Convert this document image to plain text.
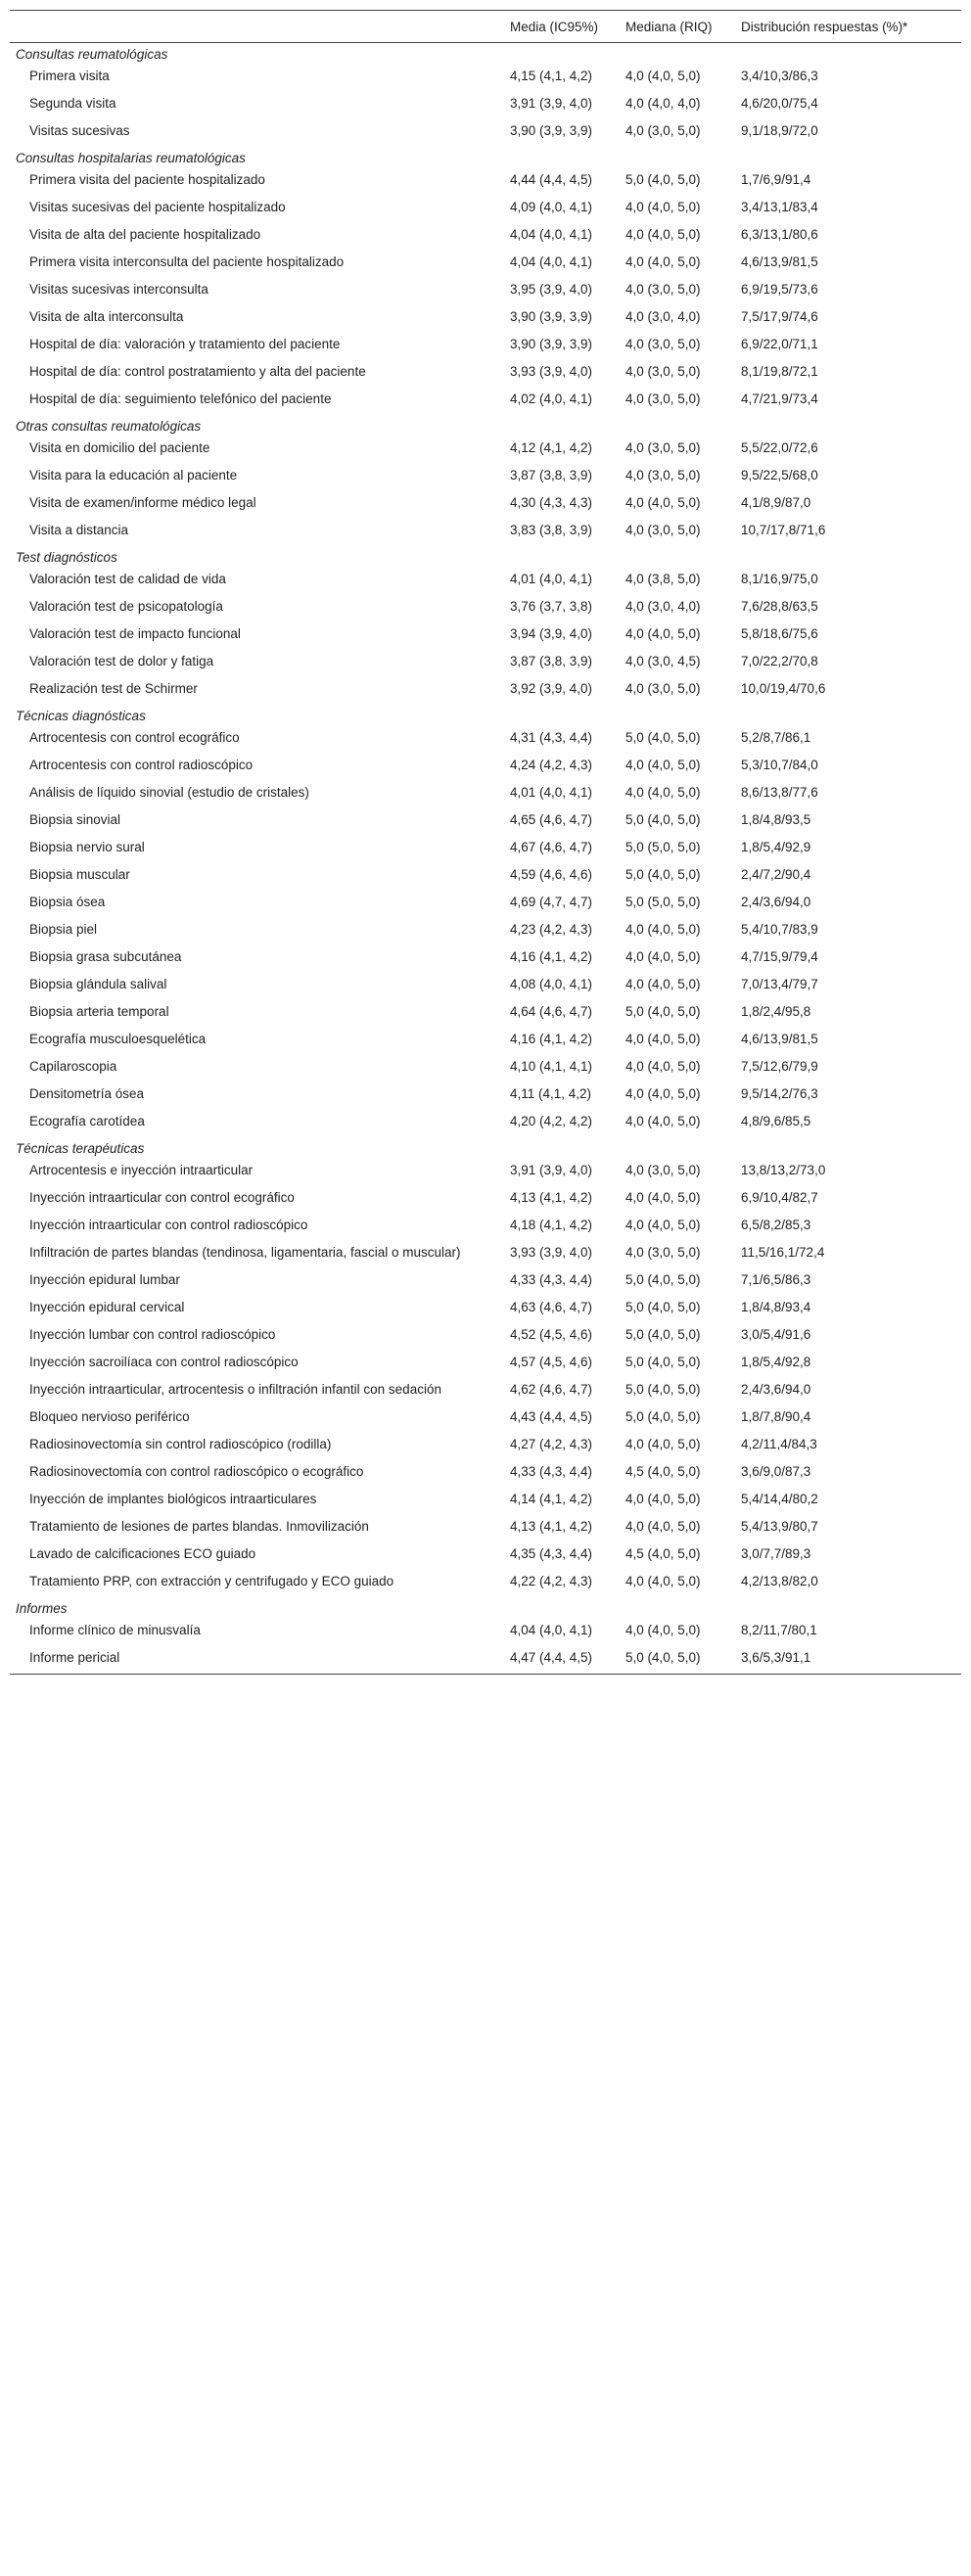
	Media (IC95%)	Mediana (RIQ)	Distribución respuestas (%)*
Consultas reumatológicas			
Primera visita	4,15 (4,1, 4,2)	4,0 (4,0, 5,0)	3,4/10,3/86,3
Segunda visita	3,91 (3,9, 4,0)	4,0 (4,0, 4,0)	4,6/20,0/75,4
Visitas sucesivas	3,90 (3,9, 3,9)	4,0 (3,0, 5,0)	9,1/18,9/72,0
Consultas hospitalarias reumatológicas			
Primera visita del paciente hospitalizado	4,44 (4,4, 4,5)	5,0 (4,0, 5,0)	1,7/6,9/91,4
Visitas sucesivas del paciente hospitalizado	4,09 (4,0, 4,1)	4,0 (4,0, 5,0)	3,4/13,1/83,4
Visita de alta del paciente hospitalizado	4,04 (4,0, 4,1)	4,0 (4,0, 5,0)	6,3/13,1/80,6
Primera visita interconsulta del paciente hospitalizado	4,04 (4,0, 4,1)	4,0 (4,0, 5,0)	4,6/13,9/81,5
Visitas sucesivas interconsulta	3,95 (3,9, 4,0)	4,0 (3,0, 5,0)	6,9/19,5/73,6
Visita de alta interconsulta	3,90 (3,9, 3,9)	4,0 (3,0, 4,0)	7,5/17,9/74,6
Hospital de día: valoración y tratamiento del paciente	3,90 (3,9, 3,9)	4,0 (3,0, 5,0)	6,9/22,0/71,1
Hospital de día: control postratamiento y alta del paciente	3,93 (3,9, 4,0)	4,0 (3,0, 5,0)	8,1/19,8/72,1
Hospital de día: seguimiento telefónico del paciente	4,02 (4,0, 4,1)	4,0 (3,0, 5,0)	4,7/21,9/73,4
Otras consultas reumatológicas			
Visita en domicilio del paciente	4,12 (4,1, 4,2)	4,0 (3,0, 5,0)	5,5/22,0/72,6
Visita para la educación al paciente	3,87 (3,8, 3,9)	4,0 (3,0, 5,0)	9,5/22,5/68,0
Visita de examen/informe médico legal	4,30 (4,3, 4,3)	4,0 (4,0, 5,0)	4,1/8,9/87,0
Visita a distancia	3,83 (3,8, 3,9)	4,0 (3,0, 5,0)	10,7/17,8/71,6
Test diagnósticos			
Valoración test de calidad de vida	4,01 (4,0, 4,1)	4,0 (3,8, 5,0)	8,1/16,9/75,0
Valoración test de psicopatología	3,76 (3,7, 3,8)	4,0 (3,0, 4,0)	7,6/28,8/63,5
Valoración test de impacto funcional	3,94 (3,9, 4,0)	4,0 (4,0, 5,0)	5,8/18,6/75,6
Valoración test de dolor y fatiga	3,87 (3,8, 3,9)	4,0 (3,0, 4,5)	7,0/22,2/70,8
Realización test de Schirmer	3,92 (3,9, 4,0)	4,0 (3,0, 5,0)	10,0/19,4/70,6
Técnicas diagnósticas			
Artrocentesis con control ecográfico	4,31 (4,3, 4,4)	5,0 (4,0, 5,0)	5,2/8,7/86,1
Artrocentesis con control radioscópico	4,24 (4,2, 4,3)	4,0 (4,0, 5,0)	5,3/10,7/84,0
Análisis de líquido sinovial (estudio de cristales)	4,01 (4,0, 4,1)	4,0 (4,0, 5,0)	8,6/13,8/77,6
Biopsia sinovial	4,65 (4,6, 4,7)	5,0 (4,0, 5,0)	1,8/4,8/93,5
Biopsia nervio sural	4,67 (4,6, 4,7)	5,0 (5,0, 5,0)	1,8/5,4/92,9
Biopsia muscular	4,59 (4,6, 4,6)	5,0 (4,0, 5,0)	2,4/7,2/90,4
Biopsia ósea	4,69 (4,7, 4,7)	5,0 (5,0, 5,0)	2,4/3,6/94,0
Biopsia piel	4,23 (4,2, 4,3)	4,0 (4,0, 5,0)	5,4/10,7/83,9
Biopsia grasa subcutánea	4,16 (4,1, 4,2)	4,0 (4,0, 5,0)	4,7/15,9/79,4
Biopsia glándula salival	4,08 (4,0, 4,1)	4,0 (4,0, 5,0)	7,0/13,4/79,7
Biopsia arteria temporal	4,64 (4,6, 4,7)	5,0 (4,0, 5,0)	1,8/2,4/95,8
Ecografía musculoesquelética	4,16 (4,1, 4,2)	4,0 (4,0, 5,0)	4,6/13,9/81,5
Capilaroscopia	4,10 (4,1, 4,1)	4,0 (4,0, 5,0)	7,5/12,6/79,9
Densitometría ósea	4,11 (4,1, 4,2)	4,0 (4,0, 5,0)	9,5/14,2/76,3
Ecografía carotídea	4,20 (4,2, 4,2)	4,0 (4,0, 5,0)	4,8/9,6/85,5
Técnicas terapéuticas			
Artrocentesis e inyección intraarticular	3,91 (3,9, 4,0)	4,0 (3,0, 5,0)	13,8/13,2/73,0
Inyección intraarticular con control ecográfico	4,13 (4,1, 4,2)	4,0 (4,0, 5,0)	6,9/10,4/82,7
Inyección intraarticular con control radioscópico	4,18 (4,1, 4,2)	4,0 (4,0, 5,0)	6,5/8,2/85,3
Infiltración de partes blandas (tendinosa, ligamentaria, fascial o muscular)	3,93 (3,9, 4,0)	4,0 (3,0, 5,0)	11,5/16,1/72,4
Inyección epidural lumbar	4,33 (4,3, 4,4)	5,0 (4,0, 5,0)	7,1/6,5/86,3
Inyección epidural cervical	4,63 (4,6, 4,7)	5,0 (4,0, 5,0)	1,8/4,8/93,4
Inyección lumbar con control radioscópico	4,52 (4,5, 4,6)	5,0 (4,0, 5,0)	3,0/5,4/91,6
Inyección sacroilíaca con control radioscópico	4,57 (4,5, 4,6)	5,0 (4,0, 5,0)	1,8/5,4/92,8
Inyección intraarticular, artrocentesis o infiltración infantil con sedación	4,62 (4,6, 4,7)	5,0 (4,0, 5,0)	2,4/3,6/94,0
Bloqueo nervioso periférico	4,43 (4,4, 4,5)	5,0 (4,0, 5,0)	1,8/7,8/90,4
Radiosinovectomía sin control radioscópico (rodilla)	4,27 (4,2, 4,3)	4,0 (4,0, 5,0)	4,2/11,4/84,3
Radiosinovectomía con control radioscópico o ecográfico	4,33 (4,3, 4,4)	4,5 (4,0, 5,0)	3,6/9,0/87,3
Inyección de implantes biológicos intraarticulares	4,14 (4,1, 4,2)	4,0 (4,0, 5,0)	5,4/14,4/80,2
Tratamiento de lesiones de partes blandas. Inmovilización	4,13 (4,1, 4,2)	4,0 (4,0, 5,0)	5,4/13,9/80,7
Lavado de calcificaciones ECO guiado	4,35 (4,3, 4,4)	4,5 (4,0, 5,0)	3,0/7,7/89,3
Tratamiento PRP, con extracción y centrifugado y ECO guiado	4,22 (4,2, 4,3)	4,0 (4,0, 5,0)	4,2/13,8/82,0
Informes			
Informe clínico de minusvalía	4,04 (4,0, 4,1)	4,0 (4,0, 5,0)	8,2/11,7/80,1
Informe pericial	4,47 (4,4, 4,5)	5,0 (4,0, 5,0)	3,6/5,3/91,1
